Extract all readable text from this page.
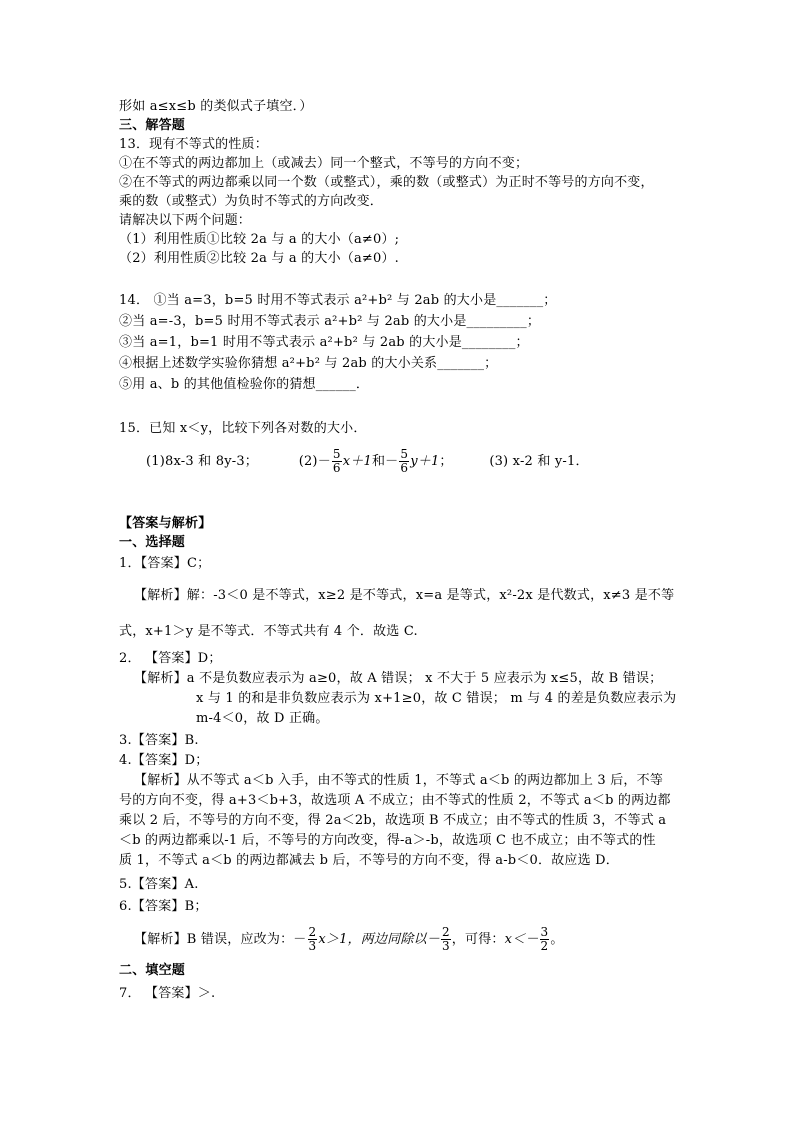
形如 a≤x≤b 的类似式子填空．）
三、解答题
13．现有不等式的性质：
①在不等式的两边都加上（或减去）同一个整式，不等号的方向不变；
②在不等式的两边都乘以同一个数（或整式），乘的数（或整式）为正时不等号的方向不变，
乘的数（或整式）为负时不等式的方向改变．
请解决以下两个问题：
（1）利用性质①比较 2a 与 a 的大小（a≠0）;
（2）利用性质②比较 2a 与 a 的大小（a≠0）.
14． ①当 a=3，b=5 时用不等式表示 a²+b² 与 2ab 的大小是_______；
②当 a=-3，b=5 时用不等式表示 a²+b² 与 2ab 的大小是_________；
③当 a=1，b=1 时用不等式表示 a²+b² 与 2ab 的大小是________；
④根据上述数学实验你猜想 a²+b² 与 2ab 的大小关系_______；
⑤用 a、b 的其他值检验你的猜想______．
15．已知 x＜y，比较下列各对数的大小．
(1)8x-3 和 8y-3；	$(2)- \frac{5}{6} x+1$和－ $\frac{5}{6} y+1$；	(3) x-2 和 y-1．
【答案与解析】
一、选择题
1．【答案】C；
【解析】解：-3＜0 是不等式，x≥2 是不等式，x=a 是等式，x²-2x 是代数式，x≠3 是不等
式，x+1＞y 是不等式．不等式共有 4 个．故选 C.
2． 【答案】D；
【解析】a 不是负数应表示为 a≥0，故 A 错误； x 不大于 5 应表示为 x≤5，故 B 错误；
x 与 1 的和是非负数应表示为 x+1≥0，故 C 错误； m 与 4 的差是负数应表示为
m-4＜0，故 D 正确。
3.【答案】B.
4.【答案】D；
【解析】从不等式 a＜b 入手，由不等式的性质 1，不等式 a＜b 的两边都加上 3 后，不等
号的方向不变，得 a+3＜b+3，故选项 A 不成立；由不等式的性质 2，不等式 a＜b 的两边都
乘以 2 后，不等号的方向不变，得 2a＜2b，故选项 B 不成立；由不等式的性质 3，不等式 a
＜b 的两边都乘以-1 后，不等号的方向改变，得-a＞-b，故选项 C 也不成立；由不等式的性
质 1，不等式 a＜b 的两边都减去 b 后，不等号的方向不变，得 a-b＜0．故应选 D．
5.【答案】A.
6.【答案】B；
【解析】B 错误，应改为：－ $\frac{2}{3} x>1$，两边同除以－ $\frac{2}{3}$ ，可得：$x<- \frac{3}{2}$ 。
二、填空题
7． 【答案】＞.
